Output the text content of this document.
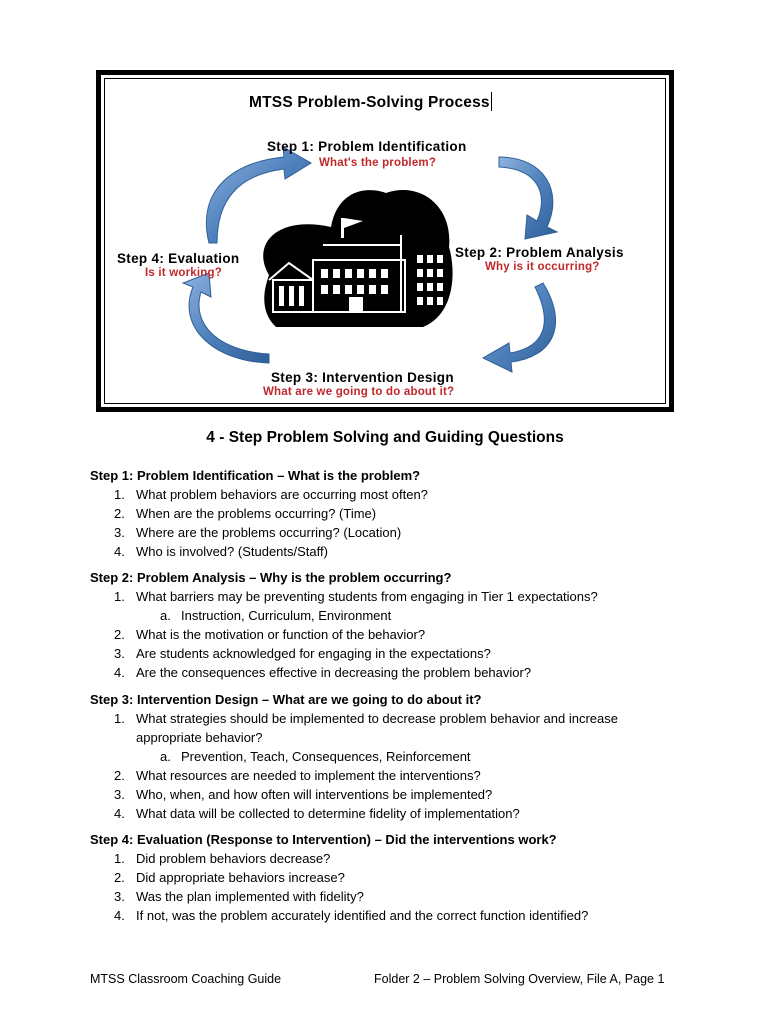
MTSS Problem-Solving Process
Step 1: Problem Identification
What's the problem?
Step 2: Problem Analysis
Why is it occurring?
Step 3: Intervention Design
What are we going to do about it?
Step 4: Evaluation
Is it working?
4 - Step Problem Solving and Guiding Questions
Step 1: Problem Identification – What is the problem?
1. What problem behaviors are occurring most often?
2. When are the problems occurring? (Time)
3. Where are the problems occurring? (Location)
4. Who is involved? (Students/Staff)
Step 2: Problem Analysis – Why is the problem occurring?
1. What barriers may be preventing students from engaging in Tier 1 expectations?
a. Instruction, Curriculum, Environment
2. What is the motivation or function of the behavior?
3. Are students acknowledged for engaging in the expectations?
4. Are the consequences effective in decreasing the problem behavior?
Step 3: Intervention Design – What are we going to do about it?
1. What strategies should be implemented to decrease problem behavior and increase
appropriate behavior?
a. Prevention, Teach, Consequences, Reinforcement
2. What resources are needed to implement the interventions?
3. Who, when, and how often will interventions be implemented?
4. What data will be collected to determine fidelity of implementation?
Step 4: Evaluation (Response to Intervention) – Did the interventions work?
1. Did problem behaviors decrease?
2. Did appropriate behaviors increase?
3. Was the plan implemented with fidelity?
4. If not, was the problem accurately identified and the correct function identified?
MTSS Classroom Coaching Guide	Folder 2 – Problem Solving Overview, File A, Page 1
